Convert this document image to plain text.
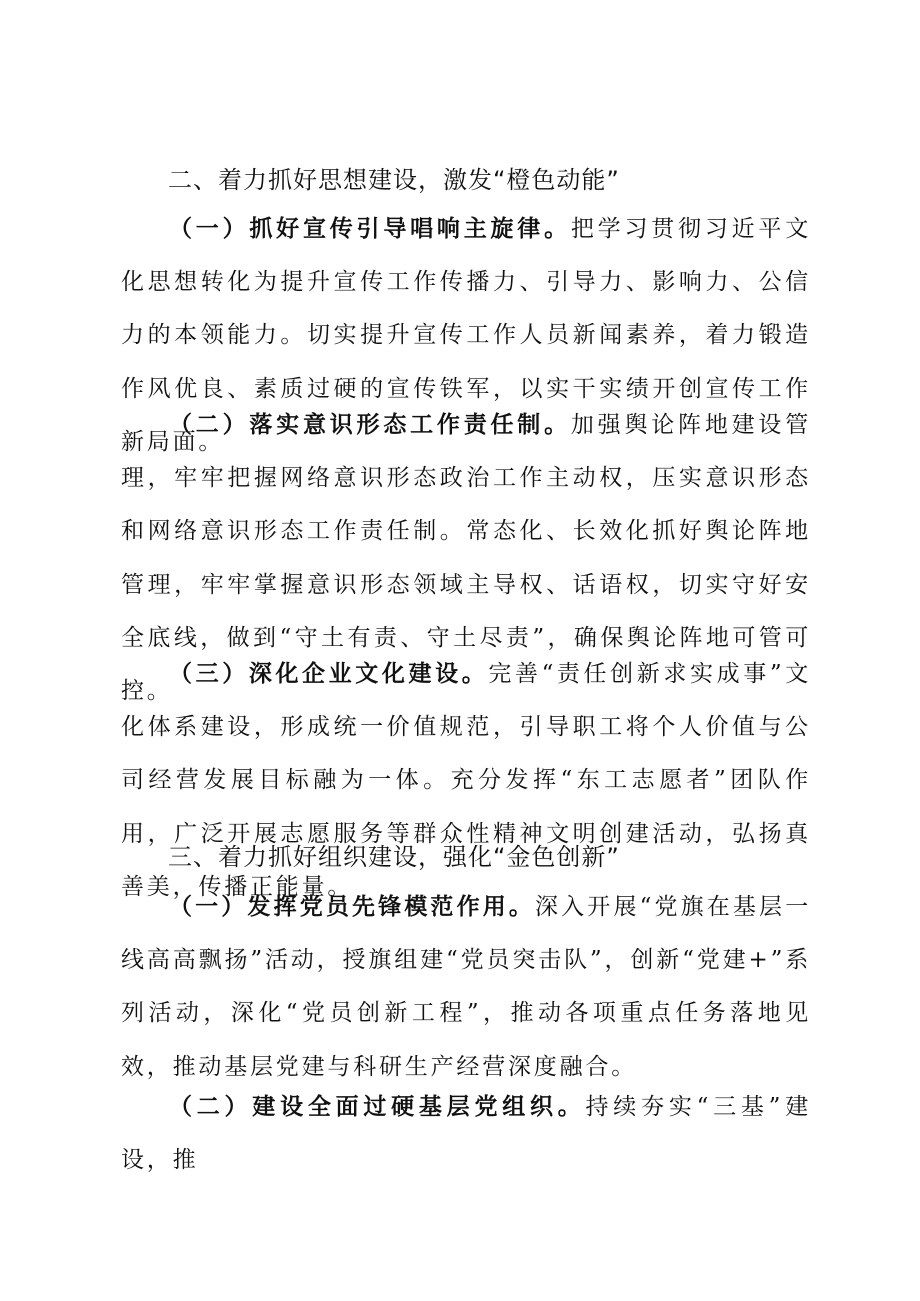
二、着力抓好思想建设，激发“橙色动能”

（一）抓好宣传引导唱响主旋律。把学习贯彻习近平文化思想转化为提升宣传工作传播力、引导力、影响力、公信力的本领能力。切实提升宣传工作人员新闻素养，着力锻造作风优良、素质过硬的宣传铁军，以实干实绩开创宣传工作新局面。

（二）落实意识形态工作责任制。加强舆论阵地建设管理，牢牢把握网络意识形态政治工作主动权，压实意识形态和网络意识形态工作责任制。常态化、长效化抓好舆论阵地管理，牢牢掌握意识形态领域主导权、话语权，切实守好安全底线，做到“守土有责、守土尽责”，确保舆论阵地可管可控。

（三）深化企业文化建设。完善“责任创新求实成事”文化体系建设，形成统一价值规范，引导职工将个人价值与公司经营发展目标融为一体。充分发挥“东工志愿者”团队作用，广泛开展志愿服务等群众性精神文明创建活动，弘扬真善美，传播正能量。

三、着力抓好组织建设，强化“金色创新”

（一）发挥党员先锋模范作用。深入开展“党旗在基层一线高高飘扬”活动，授旗组建“党员突击队”，创新“党建+”系列活动，深化“党员创新工程”，推动各项重点任务落地见效，推动基层党建与科研生产经营深度融合。

（二）建设全面过硬基层党组织。持续夯实“三基”建设，推
